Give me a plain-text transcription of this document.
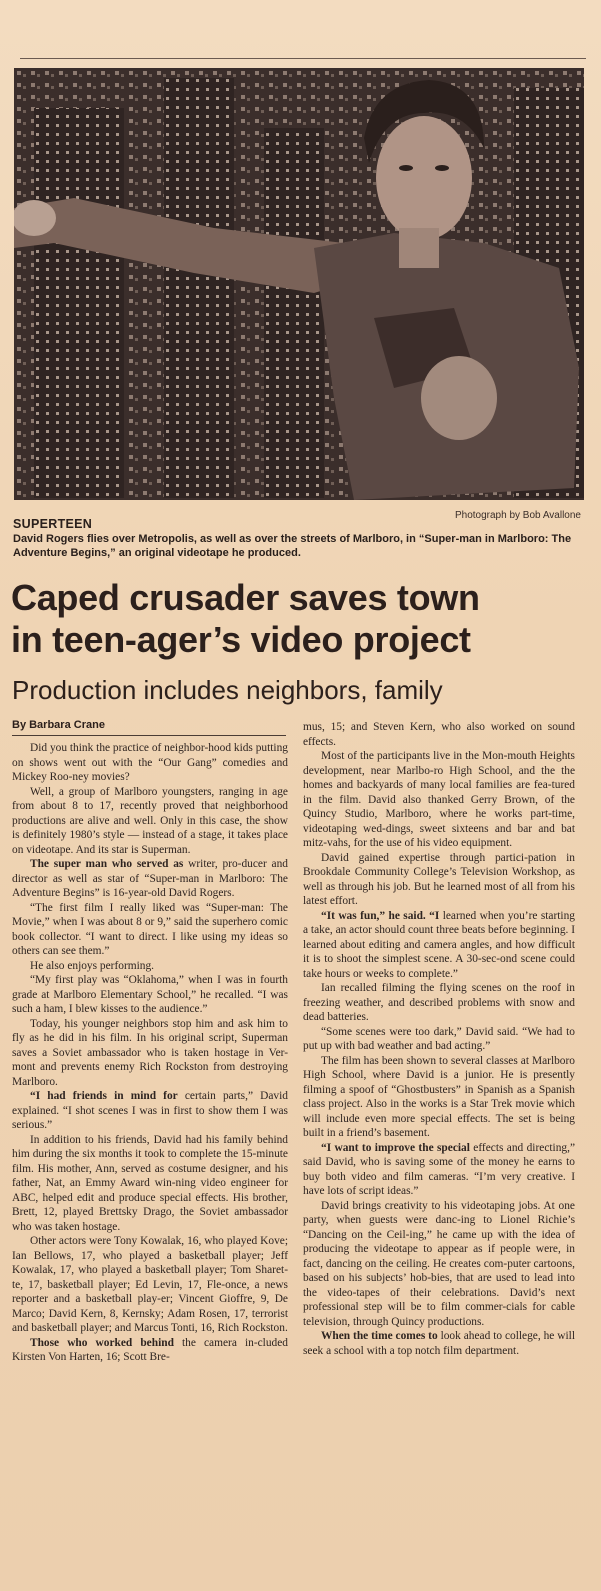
Photograph by Bob Avallone
SUPERTEEN
David Rogers flies over Metropolis, as well as over the streets of Marlboro, in “Super-man in Marlboro: The Adventure Begins,” an original videotape he produced.
Caped crusader saves town
in teen-ager’s video project
Production includes neighbors, family
By Barbara Crane

Did you think the practice of neighbor-hood kids putting on shows went out with the “Our Gang” comedies and Mickey Roo-ney movies?

Well, a group of Marlboro youngsters, ranging in age from about 8 to 17, recently proved that neighborhood productions are alive and well. Only in this case, the show is definitely 1980’s style — instead of a stage, it takes place on videotape. And its star is Superman.

The super man who served as writer, pro-ducer and director as well as star of “Super-man in Marlboro: The Adventure Begins” is 16-year-old David Rogers.

“The first film I really liked was “Super-man: The Movie,” when I was about 8 or 9,” said the superhero comic book collector. “I want to direct. I like using my ideas so others can see them.”

He also enjoys performing.

“My first play was “Oklahoma,” when I was in fourth grade at Marlboro Elementary School,” he recalled. “I was such a ham, I blew kisses to the audience.”

Today, his younger neighbors stop him and ask him to fly as he did in his film. In his original script, Superman saves a Soviet ambassador who is taken hostage in Ver-mont and prevents enemy Rich Rockston from destroying Marlboro.

“I had friends in mind for certain parts,” David explained. “I shot scenes I was in first to show them I was serious.”

In addition to his friends, David had his family behind him during the six months it took to complete the 15-minute film. His mother, Ann, served as costume designer, and his father, Nat, an Emmy Award win-ning video engineer for ABC, helped edit and produce special effects. His brother, Brett, 12, played Brettsky Drago, the Soviet ambassador who was taken hostage.

Other actors were Tony Kowalak, 16, who played Kove; Ian Bellows, 17, who played a basketball player; Jeff Kowalak, 17, who played a basketball player; Tom Sharet-te, 17, basketball player; Ed Levin, 17, Fle-once, a news reporter and a basketball play-er; Vincent Gioffre, 9, De Marco; David Kern, 8, Kernsky; Adam Rosen, 17, terrorist and basketball player; and Marcus Tonti, 16, Rich Rockston.

Those who worked behind the camera in-cluded Kirsten Von Harten, 16; Scott Bre-

mus, 15; and Steven Kern, who also worked on sound effects.

Most of the participants live in the Mon-mouth Heights development, near Marlbo-ro High School, and the the homes and backyards of many local families are fea-tured in the film. David also thanked Gerry Brown, of the Quincy Studio, Marlboro, where he works part-time, videotaping wed-dings, sweet sixteens and bar and bat mitz-vahs, for the use of his video equipment.

David gained expertise through partici-pation in Brookdale Community College’s Television Workshop, as well as through his job. But he learned most of all from his latest effort.

“It was fun,” he said. “I learned when you’re starting a take, an actor should count three beats before beginning. I learned about editing and camera angles, and how difficult it is to shoot the simplest scene. A 30-sec-ond scene could take hours or weeks to complete.”

Ian recalled filming the flying scenes on the roof in freezing weather, and described problems with snow and dead batteries.

“Some scenes were too dark,” David said. “We had to put up with bad weather and bad acting.”

The film has been shown to several classes at Marlboro High School, where David is a junior. He is presently filming a spoof of “Ghostbusters” in Spanish as a Spanish class project. Also in the works is a Star Trek movie which will include even more special effects. The set is being built in a friend’s basement.

“I want to improve the special effects and directing,” said David, who is saving some of the money he earns to buy both video and film cameras. “I’m very creative. I have lots of script ideas.”

David brings creativity to his videotaping jobs. At one party, when guests were danc-ing to Lionel Richie’s “Dancing on the Ceil-ing,” he came up with the idea of producing the videotape to appear as if people were, in fact, dancing on the ceiling. He creates com-puter cartoons, based on his subjects’ hob-bies, that are used to lead into the video-tapes of their celebrations. David’s next professional step will be to film commer-cials for cable television, through Quincy productions.

When the time comes to look ahead to college, he will seek a school with a top notch film department.
